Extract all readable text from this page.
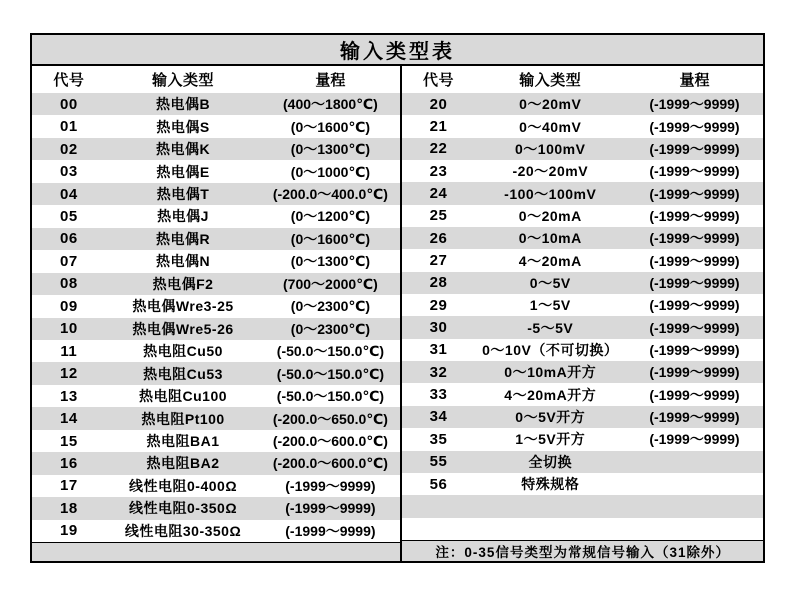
输入类型表
代号	输入类型	量程
00	热电偶B	(400～1800℃)
01	热电偶S	(0～1600℃)
02	热电偶K	(0～1300℃)
03	热电偶E	(0～1000℃)
04	热电偶T	(-200.0～400.0℃)
05	热电偶J	(0～1200℃)
06	热电偶R	(0～1600℃)
07	热电偶N	(0～1300℃)
08	热电偶F2	(700～2000℃)
09	热电偶Wre3-25	(0～2300℃)
10	热电偶Wre5-26	(0～2300℃)
11	热电阻Cu50	(-50.0～150.0℃)
12	热电阻Cu53	(-50.0～150.0℃)
13	热电阻Cu100	(-50.0～150.0℃)
14	热电阻Pt100	(-200.0～650.0℃)
15	热电阻BA1	(-200.0～600.0℃)
16	热电阻BA2	(-200.0～600.0℃)
17	线性电阻0-400Ω	(-1999～9999)
18	线性电阻0-350Ω	(-1999～9999)
19	线性电阻30-350Ω	(-1999～9999)
代号	输入类型	量程
20	0～20mV	(-1999～9999)
21	0～40mV	(-1999～9999)
22	0～100mV	(-1999～9999)
23	-20～20mV	(-1999～9999)
24	-100～100mV	(-1999～9999)
25	0～20mA	(-1999～9999)
26	0～10mA	(-1999～9999)
27	4～20mA	(-1999～9999)
28	0～5V	(-1999～9999)
29	1～5V	(-1999～9999)
30	-5～5V	(-1999～9999)
31	0～10V（不可切换）	(-1999～9999)
32	0～10mA开方	(-1999～9999)
33	4～20mA开方	(-1999～9999)
34	0～5V开方	(-1999～9999)
35	1～5V开方	(-1999～9999)
55	全切换
56	特殊规格
注：0-35信号类型为常规信号输入（31除外）
